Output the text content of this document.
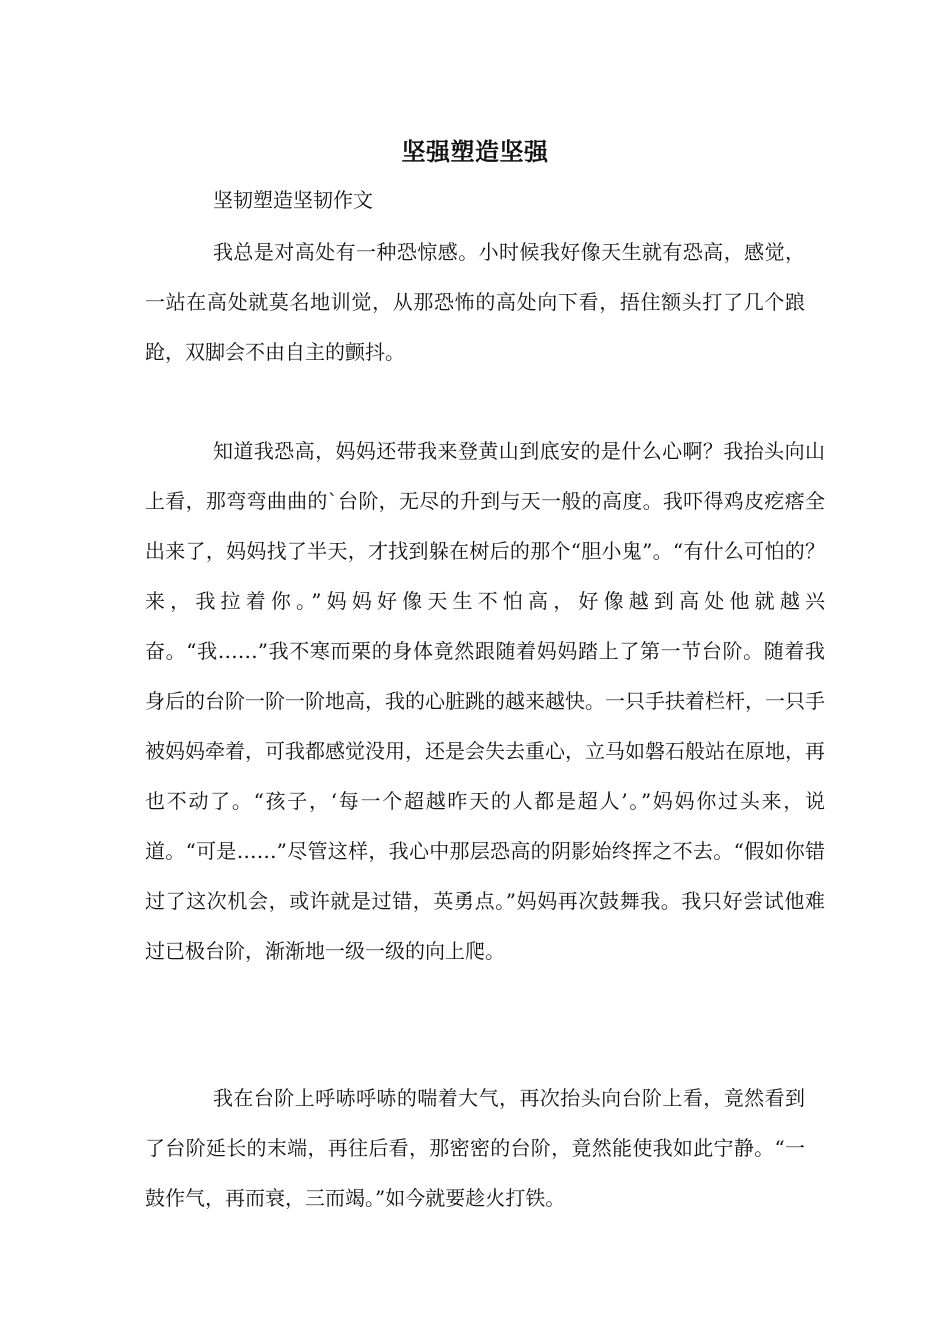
坚强塑造坚强
坚韧塑造坚韧作文

我总是对高处有一种恐惊感。小时候我好像天生就有恐高，感觉，一站在高处就莫名地训觉，从那恐怖的高处向下看，捂住额头打了几个踉跄，双脚会不由自主的颤抖。

知道我恐高，妈妈还带我来登黄山到底安的是什么心啊？我抬头向山上看，那弯弯曲曲的`台阶，无尽的升到与天一般的高度。我吓得鸡皮疙瘩全出来了，妈妈找了半天，才找到躲在树后的那个“胆小鬼”。“有什么可怕的？来，我拉着你。”妈妈好像天生不怕高，好像越到高处他就越兴奋。“我……”我不寒而栗的身体竟然跟随着妈妈踏上了第一节台阶。随着我身后的台阶一阶一阶地高，我的心脏跳的越来越快。一只手扶着栏杆，一只手被妈妈牵着，可我都感觉没用，还是会失去重心，立马如磐石般站在原地，再也不动了。“孩子，‘每一个超越昨天的人都是超人’。”妈妈你过头来，说道。“可是……”尽管这样，我心中那层恐高的阴影始终挥之不去。“假如你错过了这次机会，或许就是过错，英勇点。”妈妈再次鼓舞我。我只好尝试他难过已极台阶，渐渐地一级一级的向上爬。

我在台阶上呼哧呼哧的喘着大气，再次抬头向台阶上看，竟然看到了台阶延长的末端，再往后看，那密密的台阶，竟然能使我如此宁静。“一鼓作气，再而衰，三而竭。”如今就要趁火打铁。
